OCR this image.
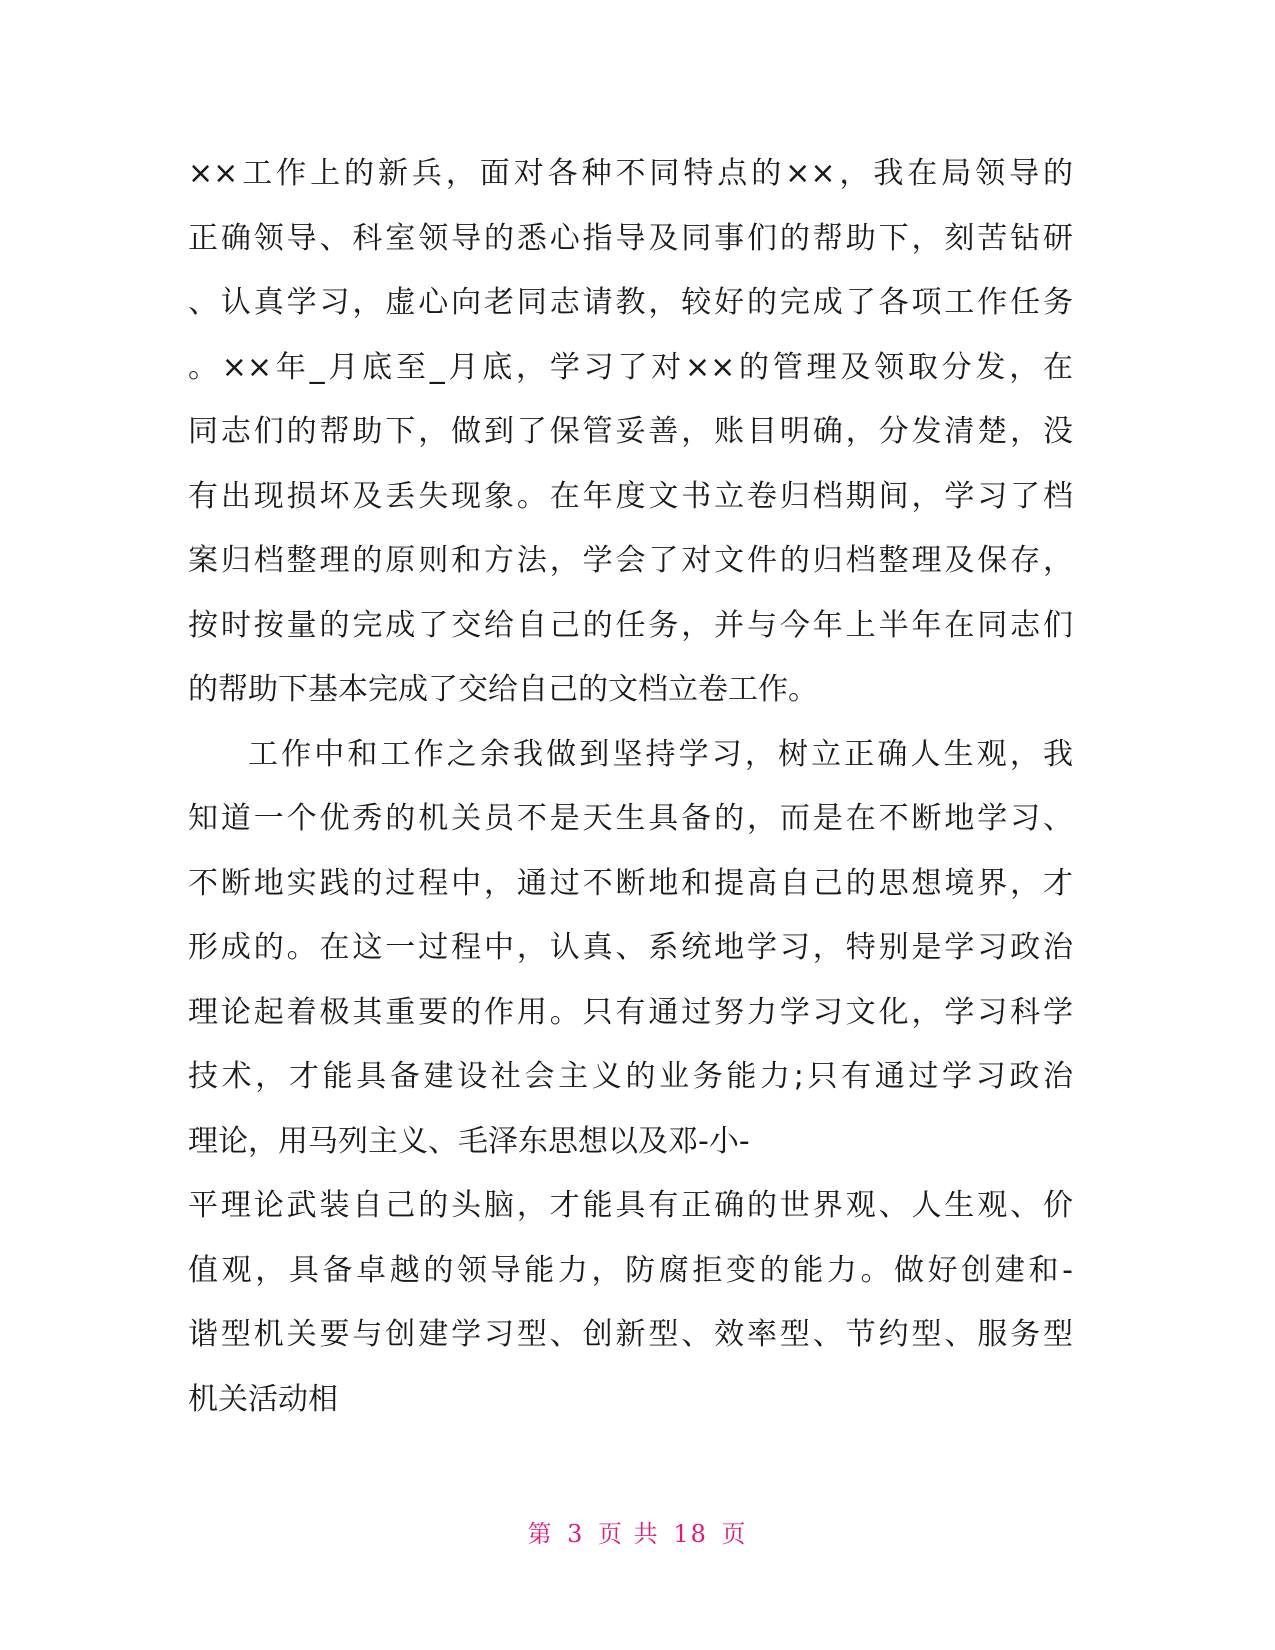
××工作上的新兵，面对各种不同特点的××，我在局领导的
正确领导、科室领导的悉心指导及同事们的帮助下，刻苦钻研
、认真学习，虚心向老同志请教，较好的完成了各项工作任务
。××年_月底至_月底，学习了对××的管理及领取分发，在
同志们的帮助下，做到了保管妥善，账目明确，分发清楚，没
有出现损坏及丢失现象。在年度文书立卷归档期间，学习了档
案归档整理的原则和方法，学会了对文件的归档整理及保存，
按时按量的完成了交给自己的任务，并与今年上半年在同志们
的帮助下基本完成了交给自己的文档立卷工作。
工作中和工作之余我做到坚持学习，树立正确人生观，我
知道一个优秀的机关员不是天生具备的，而是在不断地学习、
不断地实践的过程中，通过不断地和提高自己的思想境界，才
形成的。在这一过程中，认真、系统地学习，特别是学习政治
理论起着极其重要的作用。只有通过努力学习文化，学习科学
技术，才能具备建设社会主义的业务能力;只有通过学习政治
理论，用马列主义、毛泽东思想以及邓-小-
平理论武装自己的头脑，才能具有正确的世界观、人生观、价
值观，具备卓越的领导能力，防腐拒变的能力。做好创建和-
谐型机关要与创建学习型、创新型、效率型、节约型、服务型
机关活动相
第 3 页 共 18 页
